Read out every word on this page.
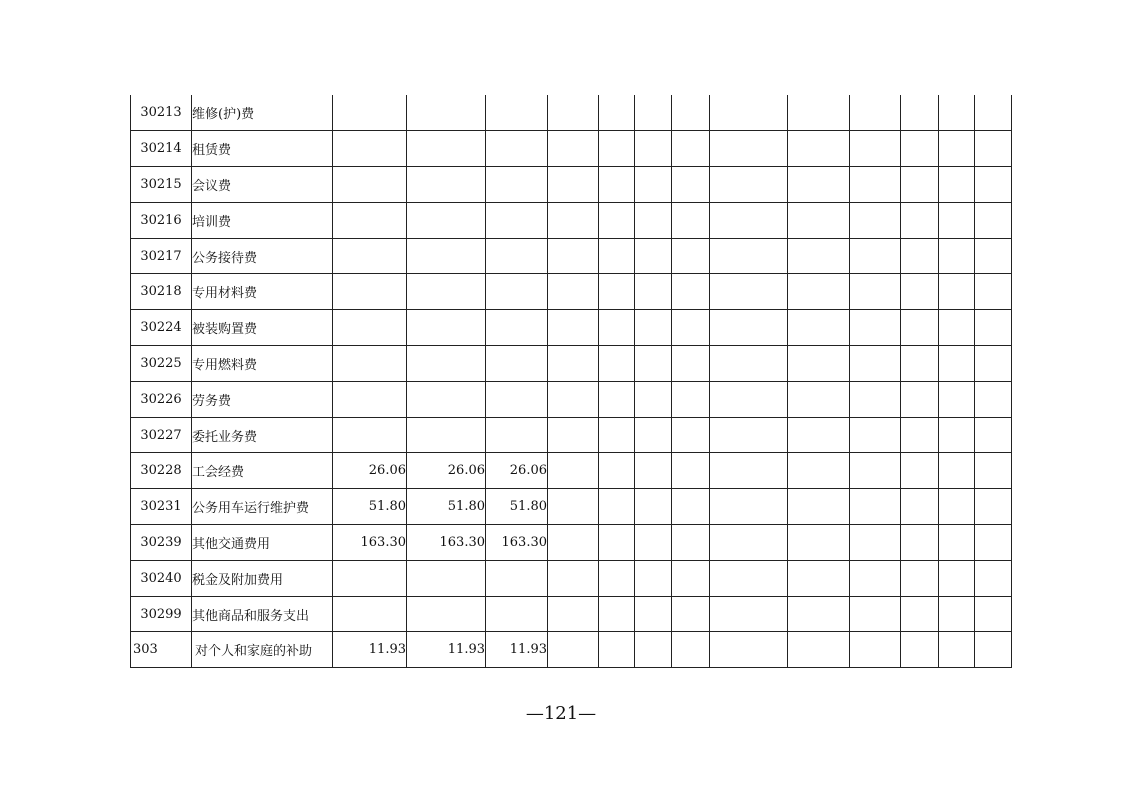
30213	维修(护)费													
30214	租赁费													
30215	会议费													
30216	培训费													
30217	公务接待费													
30218	专用材料费													
30224	被装购置费													
30225	专用燃料费													
30226	劳务费													
30227	委托业务费													
30228	工会经费	26.06	26.06	26.06										
30231	公务用车运行维护费	51.80	51.80	51.80										
30239	其他交通费用	163.30	163.30	163.30										
30240	税金及附加费用													
30299	其他商品和服务支出													
303	对个人和家庭的补助	11.93	11.93	11.93										
—121—
